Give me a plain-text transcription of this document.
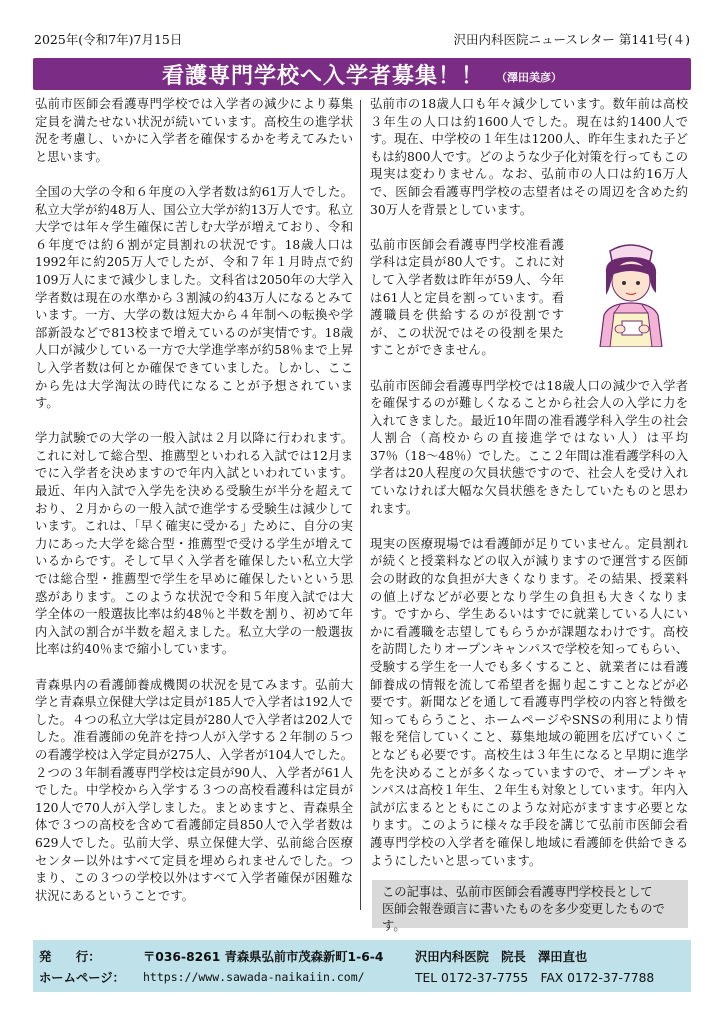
2025年(令和7年)7月15日	沢田内科医院ニュースレター 第141号(４)
看護専門学校へ入学者募集！！ （澤田美彦）

弘前市医師会看護専門学校では入学者の減少により募集定員を満たせない状況が続いています。高校生の進学状況を考慮し、いかに入学者を確保するかを考えてみたいと思います。

全国の大学の令和６年度の入学者数は約61万人でした。私立大学が約48万人、国公立大学が約13万人です。私立大学では年々学生確保に苦しむ大学が増えており、令和６年度では約６割が定員割れの状況です。18歳人口は1992年に約205万人でしたが、令和７年１月時点で約109万人にまで減少しました。文科省は2050年の大学入学者数は現在の水準から３割減の約43万人になるとみています。一方、大学の数は短大から４年制への転換や学部新設などで813校まで増えているのが実情です。18歳人口が減少している一方で大学進学率が約58％まで上昇し入学者数は何とか確保できていました。しかし、ここから先は大学淘汰の時代になることが予想されています。

学力試験での大学の一般入試は２月以降に行われます。これに対して総合型、推薦型といわれる入試では12月までに入学者を決めますので年内入試といわれています。最近、年内入試で入学先を決める受験生が半分を超えており、２月からの一般入試で進学する受験生は減少しています。これは、「早く確実に受かる」ために、自分の実力にあった大学を総合型・推薦型で受ける学生が増えているからです。そして早く入学者を確保したい私立大学では総合型・推薦型で学生を早めに確保したいという思惑があります。このような状況で令和５年度入試では大学全体の一般選抜比率は約48％と半数を割り、初めて年内入試の割合が半数を超えました。私立大学の一般選抜比率は約40％まで縮小しています。

青森県内の看護師養成機関の状況を見てみます。弘前大学と青森県立保健大学は定員が185人で入学者は192人でした。４つの私立大学は定員が280人で入学者は202人でした。准看護師の免許を持つ人が入学する２年制の５つの看護学校は入学定員が275人、入学者が104人でした。２つの３年制看護専門学校は定員が90人、入学者が61人でした。中学校から入学する３つの高校看護科は定員が120人で70人が入学しました。まとめますと、青森県全体で３つの高校を含めて看護師定員850人で入学者数は629人でした。弘前大学、県立保健大学、弘前総合医療センター以外はすべて定員を埋められませんでした。つまり、この３つの学校以外はすべて入学者確保が困難な状況にあるということです。

弘前市の18歳人口も年々減少しています。数年前は高校３年生の人口は約1600人でした。現在は約1400人です。現在、中学校の１年生は1200人、昨年生まれた子どもは約800人です。どのような少子化対策を行ってもこの現実は変わりません。なお、弘前市の人口は約16万人で、医師会看護専門学校の志望者はその周辺を含めた約30万人を背景としています。

弘前市医師会看護専門学校准看護学科は定員が80人です。これに対して入学者数は昨年が59人、今年は61人と定員を割っています。看護職員を供給するのが役割ですが、この状況ではその役割を果たすことができません。

弘前市医師会看護専門学校では18歳人口の減少で入学者を確保するのが難しくなることから社会人の入学に力を入れてきました。最近10年間の准看護学科入学生の社会人割合（高校からの直接進学ではない人）は平均37％（18〜48％）でした。ここ２年間は准看護学科の入学者は20人程度の欠員状態ですので、社会人を受け入れていなければ大幅な欠員状態をきたしていたものと思われます。

現実の医療現場では看護師が足りていません。定員割れが続くと授業料などの収入が減りますので運営する医師会の財政的な負担が大きくなります。その結果、授業料の値上げなどが必要となり学生の負担も大きくなります。ですから、学生あるいはすでに就業している人にいかに看護職を志望してもらうかが課題なわけです。高校を訪問したりオープンキャンパスで学校を知ってもらい、受験する学生を一人でも多くすること、就業者には看護師養成の情報を流して希望者を掘り起こすことなどが必要です。新聞などを通して看護専門学校の内容と特徴を知ってもらうこと、ホームページやSNSの利用により情報を発信していくこと、募集地域の範囲を広げていくことなども必要です。高校生は３年生になると早期に進学先を決めることが多くなっていますので、オープンキャンパスは高校１年生、２年生も対象としています。年内入試が広まるとともにこのような対応がますます必要となります。このように様々な手段を講じて弘前市医師会看護専門学校の入学者を確保し地域に看護師を供給できるようにしたいと思っています。

この記事は、弘前市医師会看護専門学校長として
医師会報巻頭言に書いたものを多少変更したものです。
発　　行：	〒036-8261 青森県弘前市茂森新町1-6-4	沢田内科医院　院長　澤田直也
ホームページ：	https://www.sawada-naikaiin.com/	TEL 0172-37-7755　FAX 0172-37-7788
